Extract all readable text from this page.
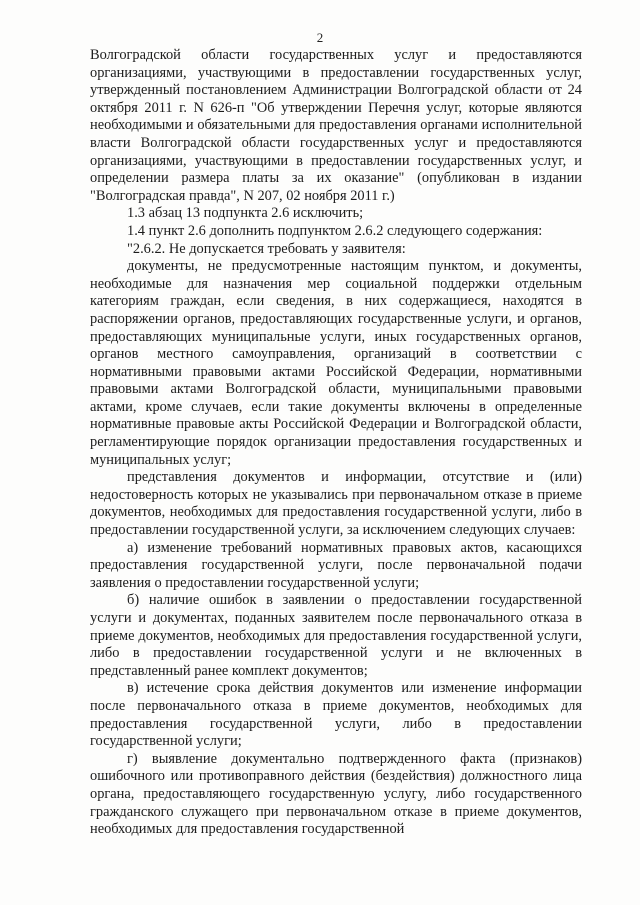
2

Волгоградской области государственных услуг и предоставляются организациями, участвующими в предоставлении государственных услуг, утвержденный постановлением Администрации Волгоградской области от 24 октября 2011 г. N 626-п "Об утверждении Перечня услуг, которые являются необходимыми и обязательными для предоставления органами исполнительной власти Волгоградской области государственных услуг и предоставляются организациями, участвующими в предоставлении государственных услуг, и определении размера платы за их оказание" (опубликован в издании "Волгоградская правда", N 207, 02 ноября 2011 г.)

1.3 абзац 13 подпункта 2.6 исключить;

1.4 пункт 2.6 дополнить подпунктом 2.6.2 следующего содержания:

"2.6.2. Не допускается требовать у заявителя:

документы, не предусмотренные настоящим пунктом, и документы, необходимые для назначения мер социальной поддержки отдельным категориям граждан, если сведения, в них содержащиеся, находятся в распоряжении органов, предоставляющих государственные услуги, и органов, предоставляющих муниципальные услуги, иных государственных органов, органов местного самоуправления, организаций в соответствии с нормативными правовыми актами Российской Федерации, нормативными правовыми актами Волгоградской области, муниципальными правовыми актами, кроме случаев, если такие документы включены в определенные нормативные правовые акты Российской Федерации и Волгоградской области, регламентирующие порядок организации предоставления государственных и муниципальных услуг;

представления документов и информации, отсутствие и (или) недостоверность которых не указывались при первоначальном отказе в приеме документов, необходимых для предоставления государственной услуги, либо в предоставлении государственной услуги, за исключением следующих случаев:

а) изменение требований нормативных правовых актов, касающихся предоставления государственной услуги, после первоначальной подачи заявления о предоставлении государственной услуги;

б) наличие ошибок в заявлении о предоставлении государственной услуги и документах, поданных заявителем после первоначального отказа в приеме документов, необходимых для предоставления государственной услуги, либо в предоставлении государственной услуги и не включенных в представленный ранее комплект документов;

в) истечение срока действия документов или изменение информации после первоначального отказа в приеме документов, необходимых для предоставления государственной услуги, либо в предоставлении государственной услуги;

г) выявление документально подтвержденного факта (признаков) ошибочного или противоправного действия (бездействия) должностного лица органа, предоставляющего государственную услугу, либо государственного гражданского служащего при первоначальном отказе в приеме документов, необходимых для предоставления государственной
